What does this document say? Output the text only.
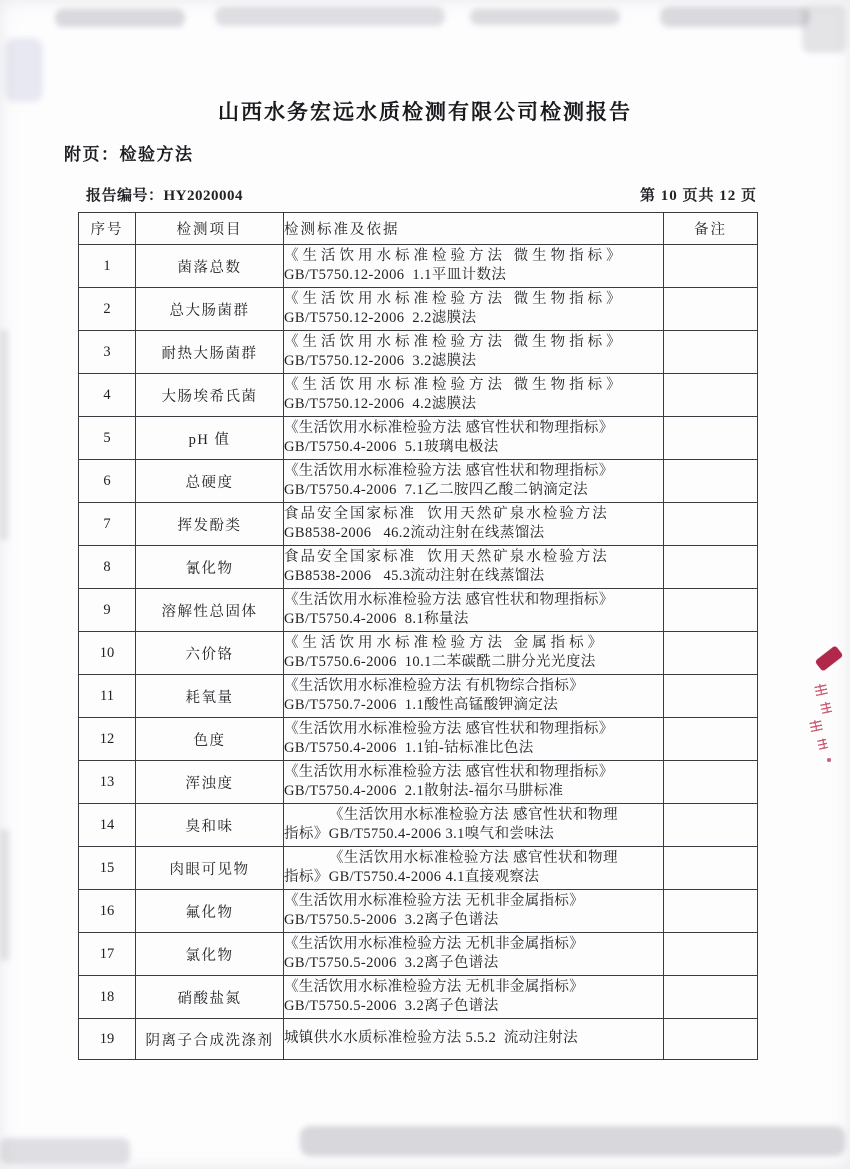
山西水务宏远水质检测有限公司检测报告
附页：检验方法
报告编号：HY2020004	第 10 页共 12 页
序号	检测项目	检测标准及依据	备注
1	菌落总数	《生活饮用水标准检验方法 微生物指标》
GB/T5750.12-2006  1.1平皿计数法	

2	总大肠菌群	《生活饮用水标准检验方法 微生物指标》
GB/T5750.12-2006  2.2滤膜法	

3	耐热大肠菌群	《生活饮用水标准检验方法 微生物指标》
GB/T5750.12-2006  3.2滤膜法	

4	大肠埃希氏菌	《生活饮用水标准检验方法 微生物指标》
GB/T5750.12-2006  4.2滤膜法	

5	pH 值	《生活饮用水标准检验方法 感官性状和物理指标》
GB/T5750.4-2006  5.1玻璃电极法	

6	总硬度	《生活饮用水标准检验方法 感官性状和物理指标》
GB/T5750.4-2006  7.1乙二胺四乙酸二钠滴定法	

7	挥发酚类	食品安全国家标准  饮用天然矿泉水检验方法
GB8538-2006   46.2流动注射在线蒸馏法	

8	氰化物	食品安全国家标准  饮用天然矿泉水检验方法
GB8538-2006   45.3流动注射在线蒸馏法	

9	溶解性总固体	《生活饮用水标准检验方法 感官性状和物理指标》
GB/T5750.4-2006  8.1称量法	

10	六价铬	《生活饮用水标准检验方法 金属指标》
GB/T5750.6-2006  10.1二苯碳酰二肼分光光度法	

11	耗氧量	《生活饮用水标准检验方法 有机物综合指标》
GB/T5750.7-2006  1.1酸性高锰酸钾滴定法	

12	色度	《生活饮用水标准检验方法 感官性状和物理指标》
GB/T5750.4-2006  1.1铂-钴标准比色法	

13	浑浊度	《生活饮用水标准检验方法 感官性状和物理指标》
GB/T5750.4-2006  2.1散射法-福尔马肼标准	

14	臭和味	《生活饮用水标准检验方法 感官性状和物理
指标》GB/T5750.4-2006 3.1嗅气和尝味法	

15	肉眼可见物	《生活饮用水标准检验方法 感官性状和物理
指标》GB/T5750.4-2006 4.1直接观察法	

16	氟化物	《生活饮用水标准检验方法 无机非金属指标》
GB/T5750.5-2006  3.2离子色谱法	

17	氯化物	《生活饮用水标准检验方法 无机非金属指标》
GB/T5750.5-2006  3.2离子色谱法	

18	硝酸盐氮	《生活饮用水标准检验方法 无机非金属指标》
GB/T5750.5-2006  3.2离子色谱法	

19	阴离子合成洗涤剂	城镇供水水质标准检验方法 5.5.2  流动注射法	
